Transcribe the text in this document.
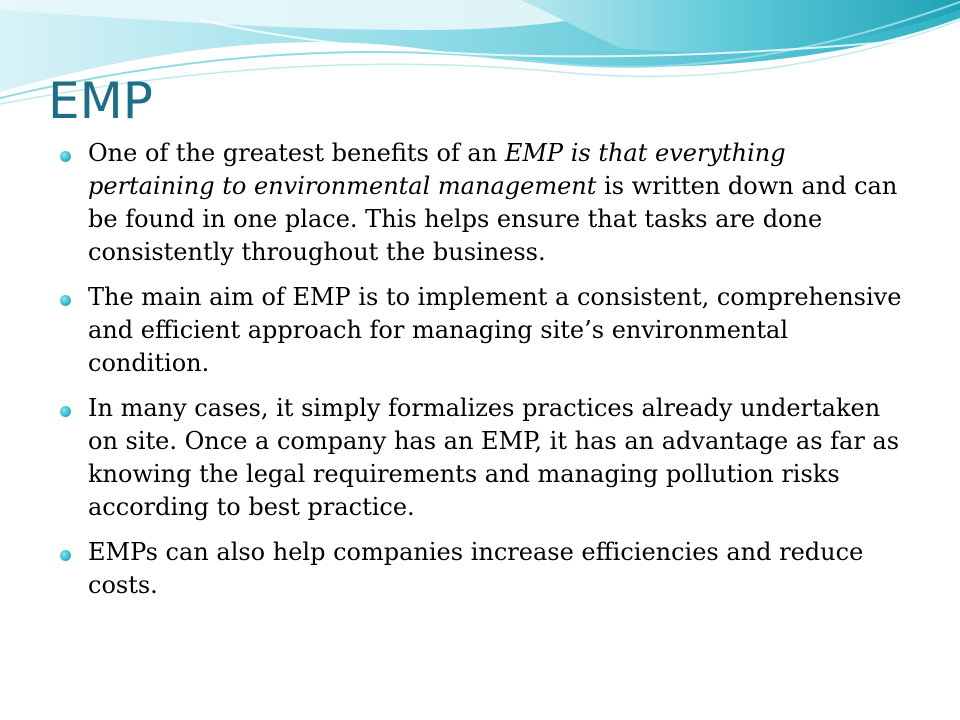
EMP
One of the greatest benefits of an EMP is that everything pertaining to environmental management is written down and can be found in one place. This helps ensure that tasks are done consistently throughout the business.
The main aim of EMP is to implement a consistent, comprehensive and efficient approach for managing site’s environmental condition.
In many cases, it simply formalizes practices already undertaken on site. Once a company has an EMP, it has an advantage as far as knowing the legal requirements and managing pollution risks according to best practice.
EMPs can also help companies increase efficiencies and reduce costs.
